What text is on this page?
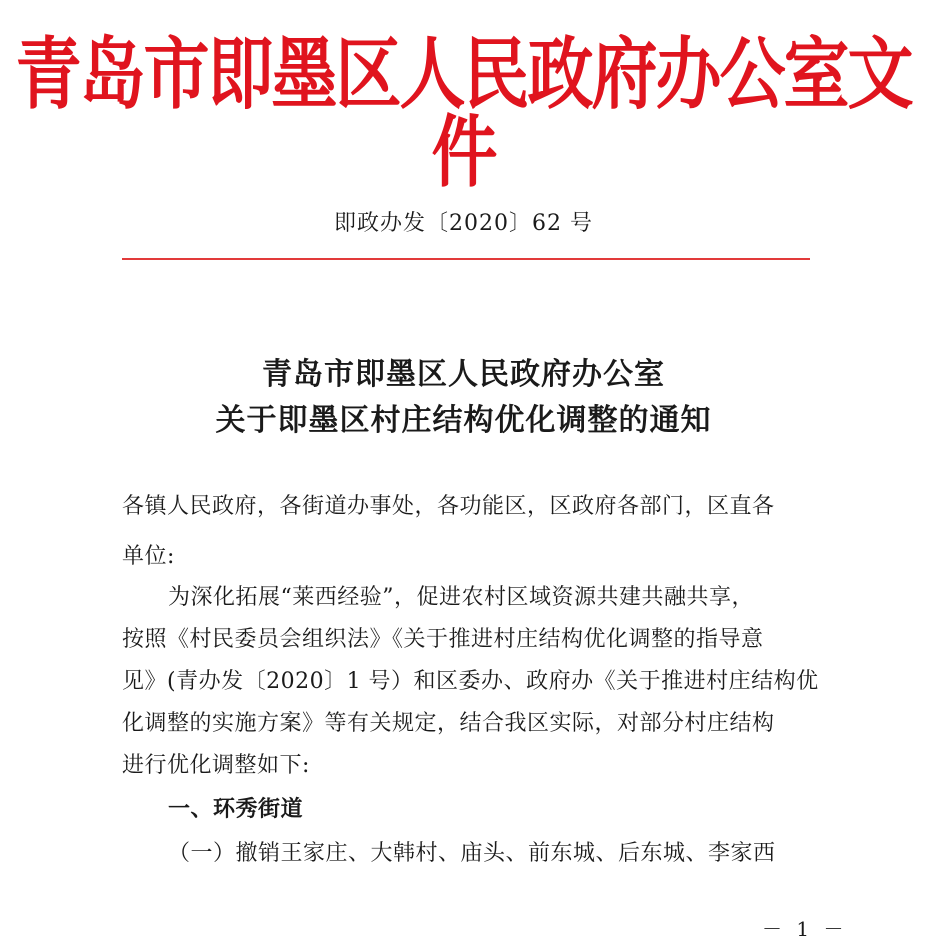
青岛市即墨区人民政府办公室文件
即政办发〔2020〕62 号
青岛市即墨区人民政府办公室
关于即墨区村庄结构优化调整的通知
各镇人民政府，各街道办事处，各功能区，区政府各部门，区直各
单位:
为深化拓展“莱西经验”，促进农村区域资源共建共融共享，
按照《村民委员会组织法》《关于推进村庄结构优化调整的指导意
见》(青办发〔2020〕1 号）和区委办、政府办《关于推进村庄结构优
化调整的实施方案》等有关规定，结合我区实际，对部分村庄结构
进行优化调整如下:
一、环秀街道
（一）撤销王家庄、大韩村、庙头、前东城、后东城、李家西
－ 1 －
